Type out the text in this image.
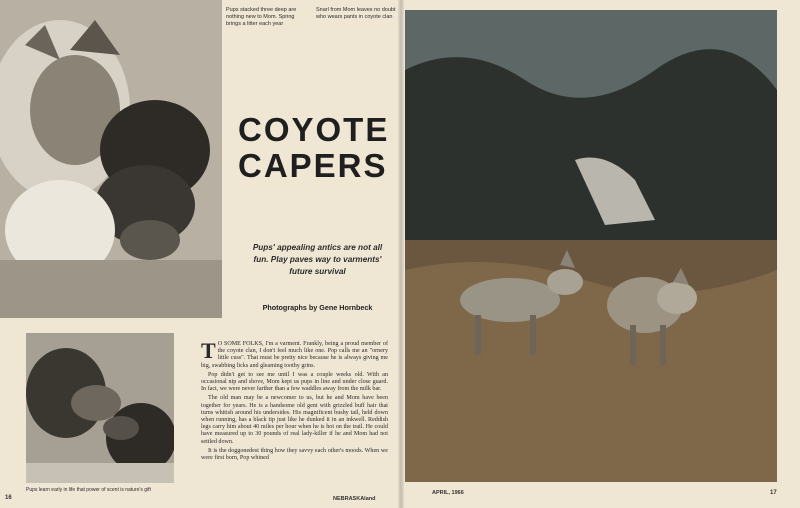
Pups stacked three deep are nothing new to Mom. Spring brings a litter each year
Snarl from Mom leaves no doubt who wears pants in coyote clan
COYOTE CAPERS
Pups' appealing antics are not all fun. Play paves way to varments' future survival
Photographs by Gene Hornbeck
Pups learn early in life that power of scent is nature's gift

T O SOME FOLKS, I'm a varment. Frankly, being a proud member of the coyote clan, I don't feel much like one. Pop calls me an "ornery little cuss". That must be pretty nice because he is always giving me big, swabbing licks and gleaming toothy grins.

Pop didn't get to see me until I was a couple weeks old. With an occasional nip and shove, Mom kept us pups in line and under close guard. In fact, we were never farther than a few waddles away from the milk bar.

The old man may be a newcomer to us, but he and Mom have been together for years. He is a handsome old gent with grizzled buff hair that turns whitish around his undersides. His magnificent bushy tail, held down when running, has a black tip just like he dunked it in an inkwell. Reddish legs carry him about 40 miles per hour when he is hot on the trail. He could have measured up to 30 pounds of real lady-killer if he and Mom had not settled down.

It is the doggonedest thing how they savvy each other's moods. When we were first born, Pop whined

16	NEBRASKAland
APRIL, 1966	17
